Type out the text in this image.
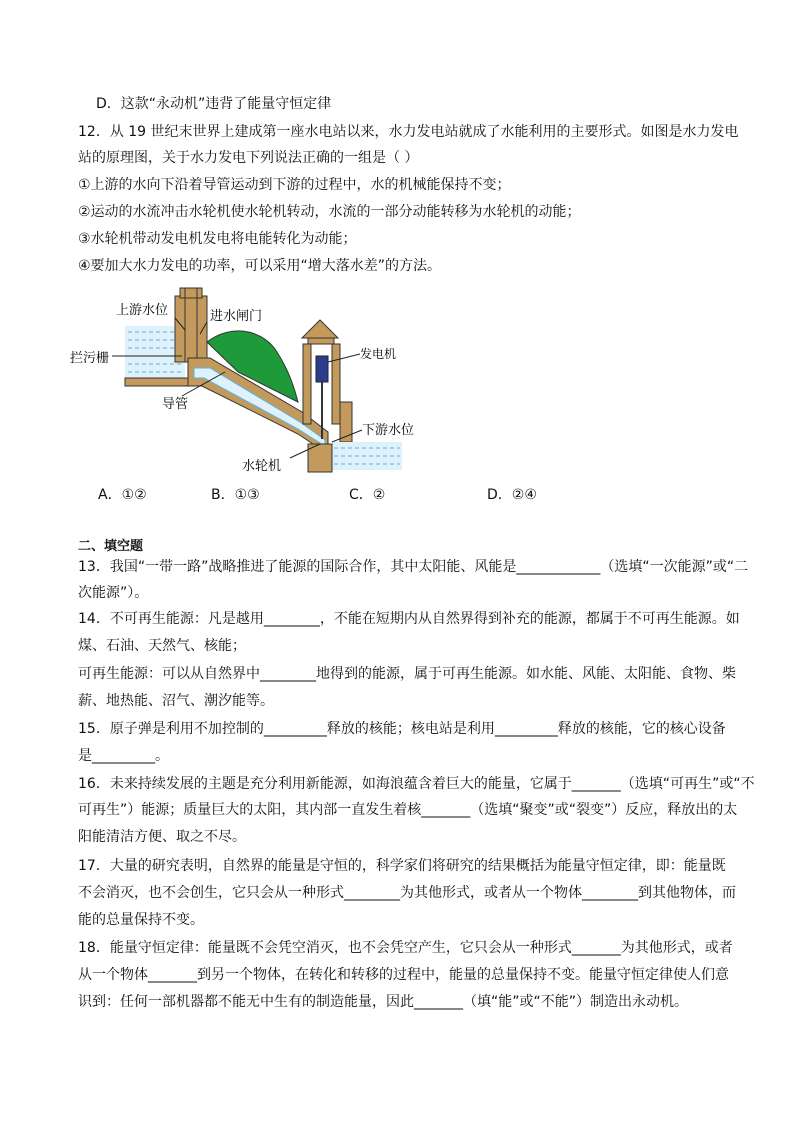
D．这款“永动机”违背了能量守恒定律
12．从 19 世纪末世界上建成第一座水电站以来，水力发电站就成了水能利用的主要形式。如图是水力发电
站的原理图，关于水力发电下列说法正确的一组是（ ）
①上游的水向下沿着导管运动到下游的过程中，水的机械能保持不变；
②运动的水流冲击水轮机使水轮机转动，水流的一部分动能转移为水轮机的动能；
③水轮机带动发电机发电将电能转化为动能；
④要加大水力发电的功率，可以采用“增大落水差”的方法。
上游水位	进水闸门
拦污栅	发电机
导管
下游水位
水轮机
A．①②	B．①③	C．②	D．②④
二、填空题
13．我国“一带一路”战略推进了能源的国际合作，其中太阳能、风能是____________（选填“一次能源”或“二
次能源”）。
14．不可再生能源：凡是越用________，不能在短期内从自然界得到补充的能源，都属于不可再生能源。如
煤、石油、天然气、核能；
可再生能源：可以从自然界中________地得到的能源，属于可再生能源。如水能、风能、太阳能、食物、柴
薪、地热能、沼气、潮汐能等。
15．原子弹是利用不加控制的_________释放的核能；核电站是利用_________释放的核能，它的核心设备
是_________。
16．未来持续发展的主题是充分利用新能源，如海浪蕴含着巨大的能量，它属于_______（选填“可再生”或“不
可再生”）能源；质量巨大的太阳，其内部一直发生着核_______（选填“聚变”或“裂变”）反应，释放出的太
阳能清洁方便、取之不尽。
17．大量的研究表明，自然界的能量是守恒的，科学家们将研究的结果概括为能量守恒定律，即：能量既
不会消灭，也不会创生，它只会从一种形式________为其他形式，或者从一个物体________到其他物体，而
能的总量保持不变。
18．能量守恒定律：能量既不会凭空消灭，也不会凭空产生，它只会从一种形式_______为其他形式，或者
从一个物体_______到另一个物体，在转化和转移的过程中，能量的总量保持不变。能量守恒定律使人们意
识到：任何一部机器都不能无中生有的制造能量，因此_______（填“能”或“不能”）制造出永动机。
